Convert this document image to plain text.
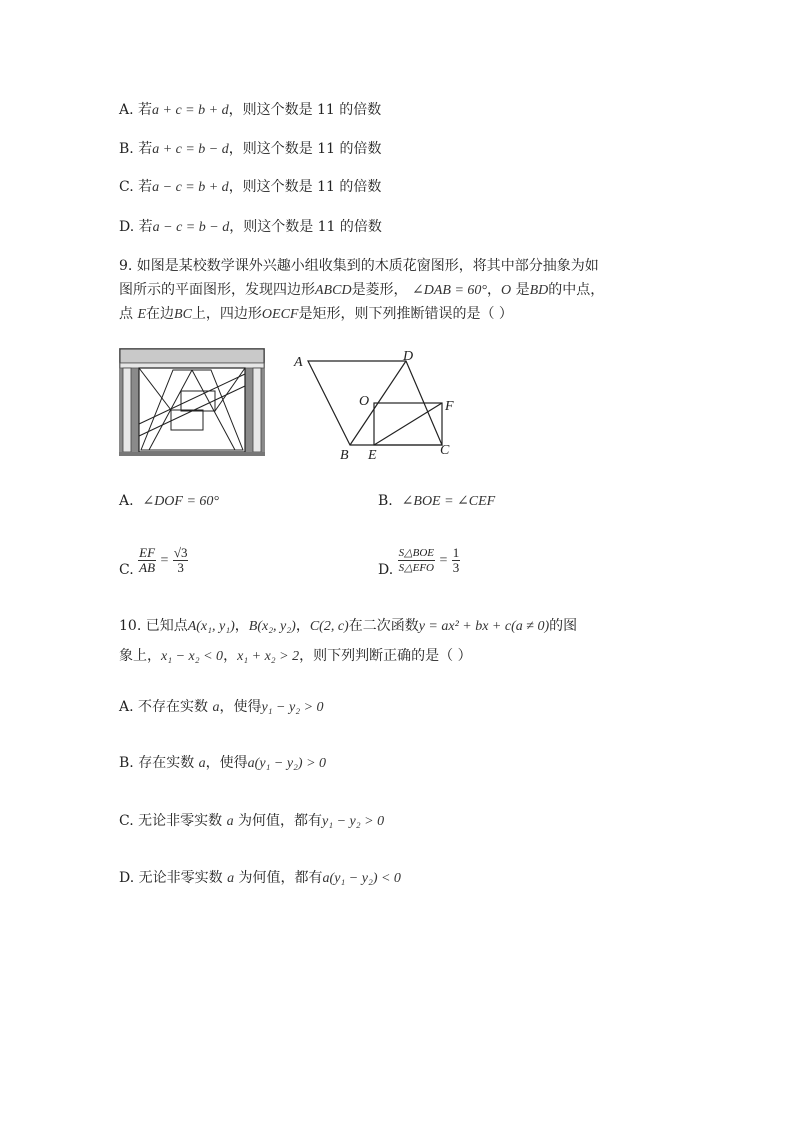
A. 若a + c = b + d，则这个数是 11 的倍数
B. 若a + c = b − d，则这个数是 11 的倍数
C. 若a − c = b + d，则这个数是 11 的倍数
D. 若a − c = b − d，则这个数是 11 的倍数
9. 如图是某校数学课外兴趣小组收集到的木质花窗图形，将其中部分抽象为如
图所示的平面图形，发现四边形ABCD是菱形， ∠DAB = 60°，O 是BD的中点，
点 E在边BC上，四边形OECF是矩形，则下列推断错误的是（ ）
A	D
O	F
B E	C
A. ∠DOF = 60°	B. ∠BOE = ∠CEF
C. $\frac{EF}{AB} = \frac{√3}{3}$	D. $\frac{\text{S△BOE}}{\text{S△EFO}} = \frac{1}{3}$
10. 已知点A(x₁, y₁)，B(x₂, y₂)，C(2, c)在二次函数y = ax² + bx + c(a ≠ 0)的图
象上，x₁ − x₂ < 0，x₁ + x₂ > 2，则下列判断正确的是（ ）
A. 不存在实数 a，使得y₁ − y₂ > 0
B. 存在实数 a，使得a(y₁ − y₂) > 0
C. 无论非零实数 a 为何值，都有y₁ − y₂ > 0
D. 无论非零实数 a 为何值，都有a(y₁ − y₂) < 0
